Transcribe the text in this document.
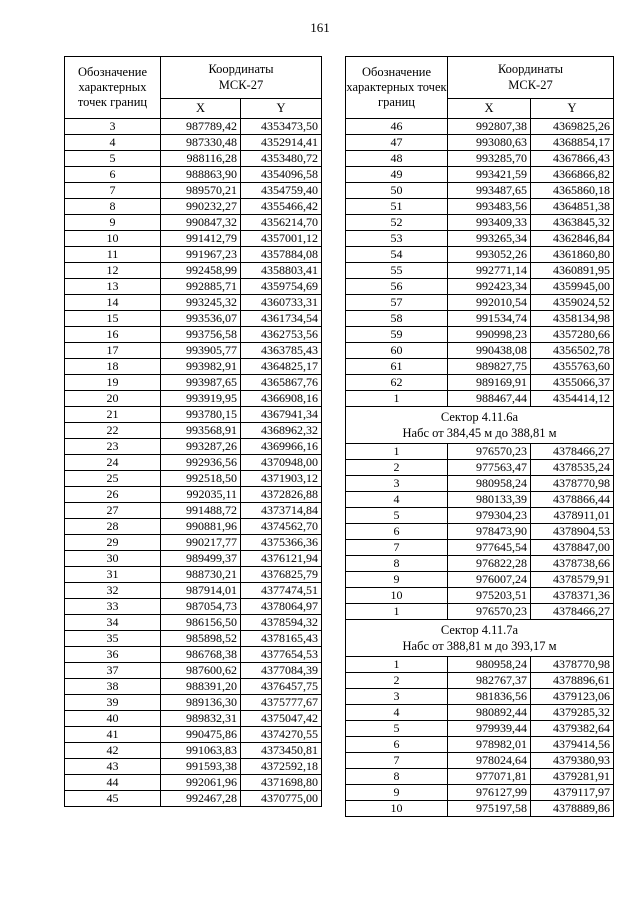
161
Обозначение характерных точек границ	Координаты
МСК-27	
	X	Y
3	987789,42	4353473,50
4	987330,48	4352914,41
5	988116,28	4353480,72
6	988863,90	4354096,58
7	989570,21	4354759,40
8	990232,27	4355466,42
9	990847,32	4356214,70
10	991412,79	4357001,12
11	991967,23	4357884,08
12	992458,99	4358803,41
13	992885,71	4359754,69
14	993245,32	4360733,31
15	993536,07	4361734,54
16	993756,58	4362753,56
17	993905,77	4363785,43
18	993982,91	4364825,17
19	993987,65	4365867,76
20	993919,95	4366908,16
21	993780,15	4367941,34
22	993568,91	4368962,32
23	993287,26	4369966,16
24	992936,56	4370948,00
25	992518,50	4371903,12
26	992035,11	4372826,88
27	991488,72	4373714,84
28	990881,96	4374562,70
29	990217,77	4375366,36
30	989499,37	4376121,94
31	988730,21	4376825,79
32	987914,01	4377474,51
33	987054,73	4378064,97
34	986156,50	4378594,32
35	985898,52	4378165,43
36	986768,38	4377654,53
37	987600,62	4377084,39
38	988391,20	4376457,75
39	989136,30	4375777,67
40	989832,31	4375047,42
41	990475,86	4374270,55
42	991063,83	4373450,81
43	991593,38	4372592,18
44	992061,96	4371698,80
45	992467,28	4370775,00
Обозначение характерных точек границ	Координаты
МСК-27	
	X	Y
46	992807,38	4369825,26
47	993080,63	4368854,17
48	993285,70	4367866,43
49	993421,59	4366866,82
50	993487,65	4365860,18
51	993483,56	4364851,38
52	993409,33	4363845,32
53	993265,34	4362846,84
54	993052,26	4361860,80
55	992771,14	4360891,95
56	992423,34	4359945,00
57	992010,54	4359024,52
58	991534,74	4358134,98
59	990998,23	4357280,66
60	990438,08	4356502,78
61	989827,75	4355763,60
62	989169,91	4355066,37
1	988467,44	4354414,12
Сектор 4.11.6а
Набс от 384,45 м до 388,81 м		
1	976570,23	4378466,27
2	977563,47	4378535,24
3	980958,24	4378770,98
4	980133,39	4378866,44
5	979304,23	4378911,01
6	978473,90	4378904,53
7	977645,54	4378847,00
8	976822,28	4378738,66
9	976007,24	4378579,91
10	975203,51	4378371,36
1	976570,23	4378466,27
Сектор 4.11.7а
Набс от 388,81 м до 393,17 м		
1	980958,24	4378770,98
2	982767,37	4378896,61
3	981836,56	4379123,06
4	980892,44	4379285,32
5	979939,44	4379382,64
6	978982,01	4379414,56
7	978024,64	4379380,93
8	977071,81	4379281,91
9	976127,99	4379117,97
10	975197,58	4378889,86
